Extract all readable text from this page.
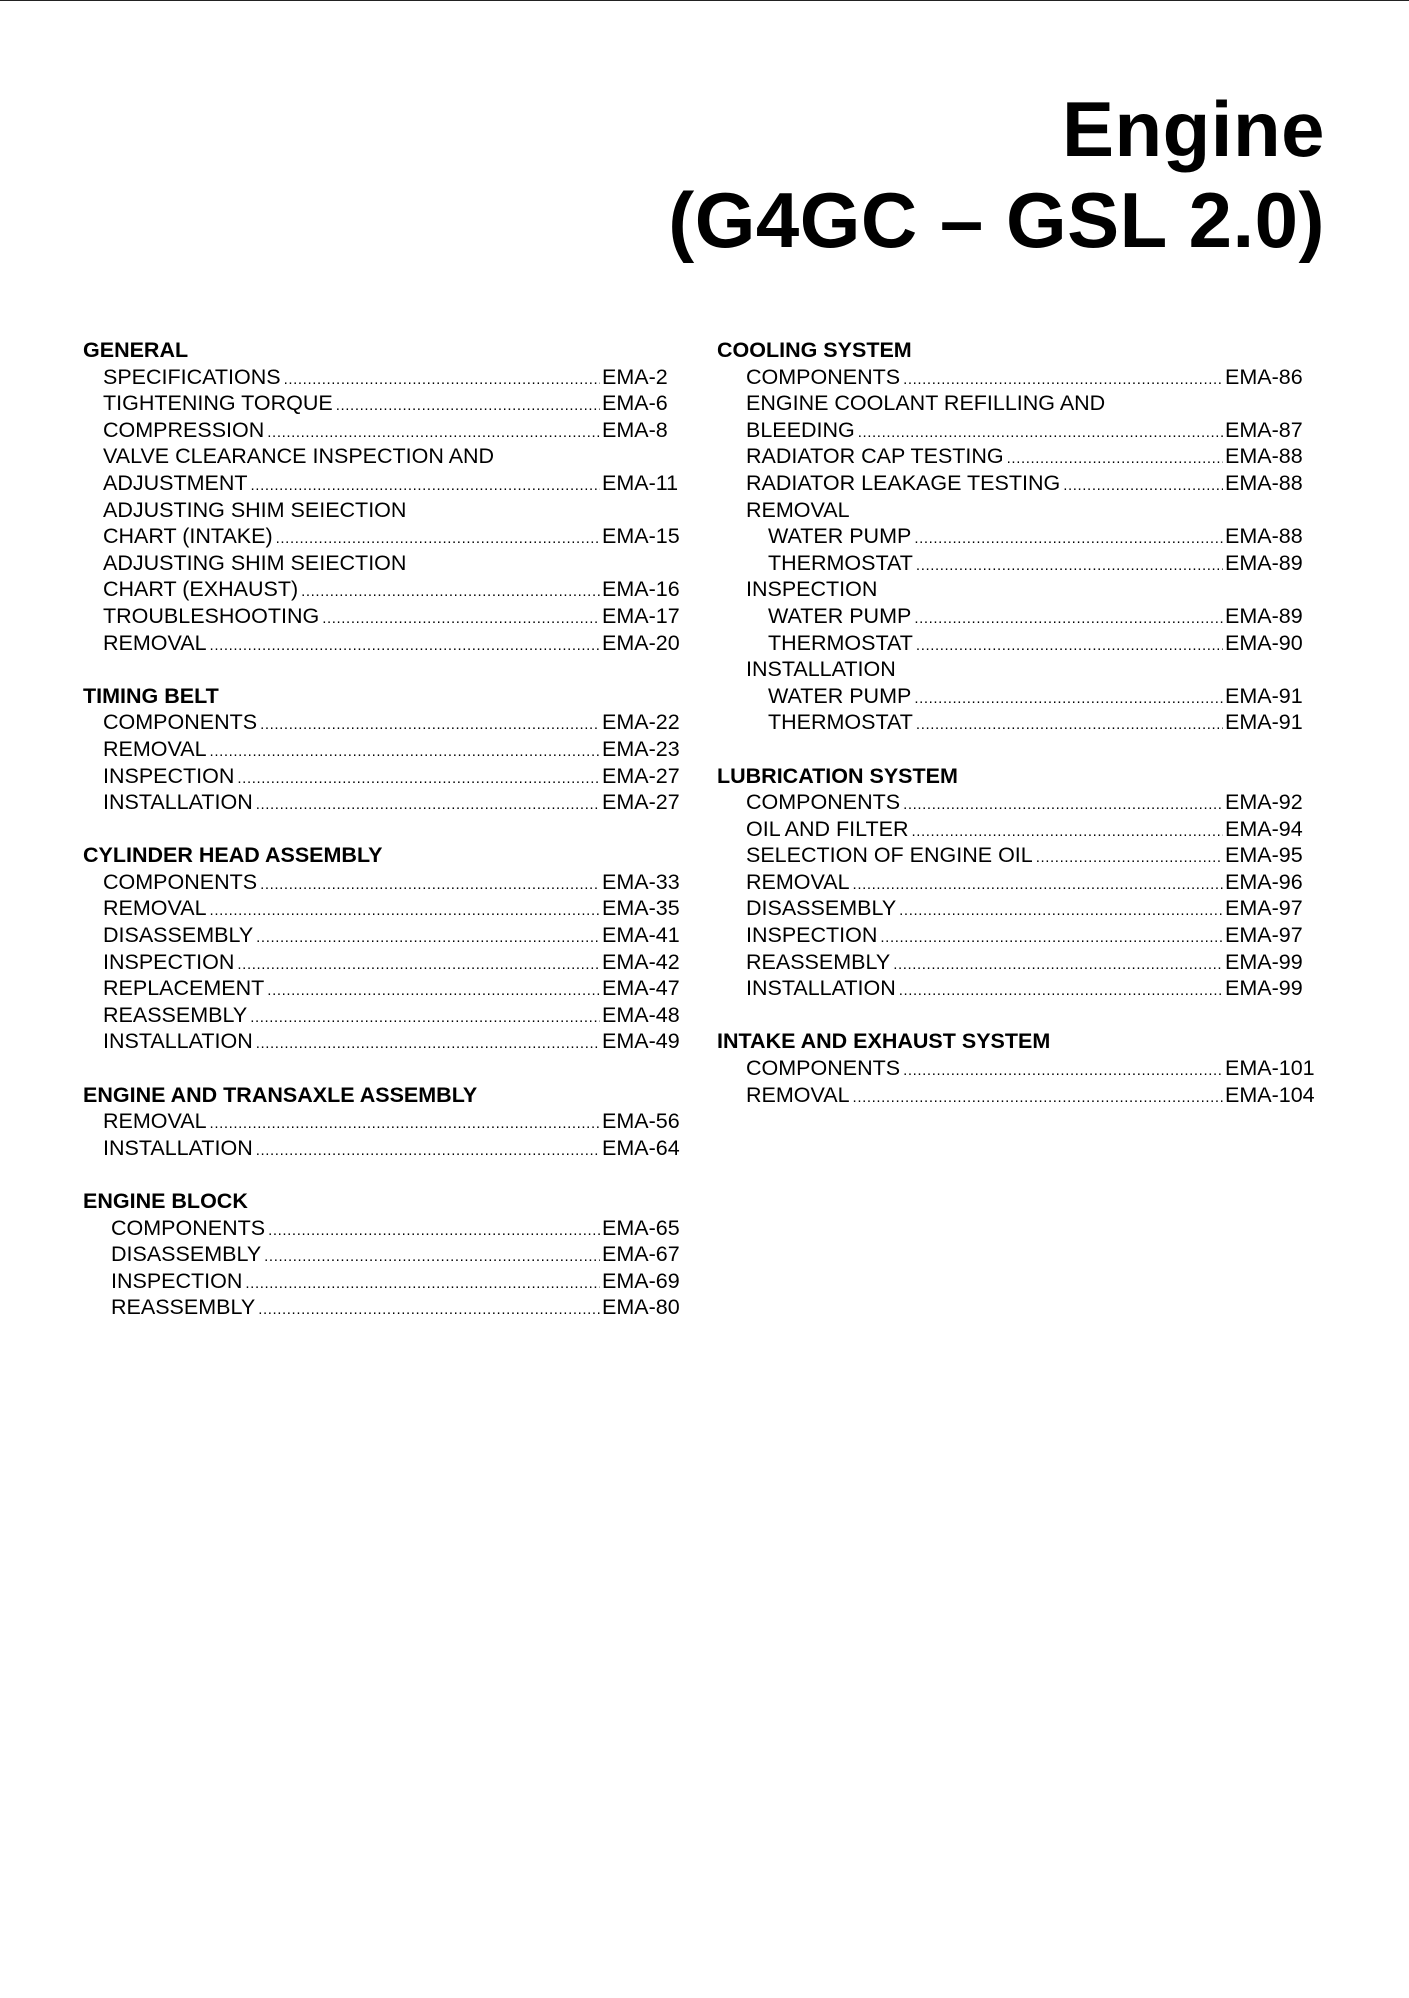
Engine
(G4GC – GSL 2.0)
GENERAL
SPECIFICATIONS .....	EMA-2
TIGHTENING TORQUE .....	EMA-6
COMPRESSION .....	EMA-8
VALVE CLEARANCE INSPECTION AND
ADJUSTMENT .....	EMA-11
ADJUSTING SHIM SEIECTION
CHART (INTAKE) .....	EMA-15
ADJUSTING SHIM SEIECTION
CHART (EXHAUST) .....	EMA-16
TROUBLESHOOTING .....	EMA-17
REMOVAL .....	EMA-20
TIMING BELT
COMPONENTS .....	EMA-22
REMOVAL .....	EMA-23
INSPECTION .....	EMA-27
INSTALLATION .....	EMA-27
CYLINDER HEAD ASSEMBLY
COMPONENTS .....	EMA-33
REMOVAL .....	EMA-35
DISASSEMBLY .....	EMA-41
INSPECTION .....	EMA-42
REPLACEMENT .....	EMA-47
REASSEMBLY .....	EMA-48
INSTALLATION .....	EMA-49
ENGINE AND TRANSAXLE ASSEMBLY
REMOVAL .....	EMA-56
INSTALLATION .....	EMA-64
ENGINE BLOCK
COMPONENTS .....	EMA-65
DISASSEMBLY .....	EMA-67
INSPECTION .....	EMA-69
REASSEMBLY .....	EMA-80
COOLING SYSTEM
COMPONENTS .....	EMA-86
ENGINE COOLANT REFILLING AND
BLEEDING .....	EMA-87
RADIATOR CAP TESTING .....	EMA-88
RADIATOR LEAKAGE TESTING .....	EMA-88
REMOVAL
WATER PUMP .....	EMA-88
THERMOSTAT .....	EMA-89
INSPECTION
WATER PUMP .....	EMA-89
THERMOSTAT .....	EMA-90
INSTALLATION
WATER PUMP .....	EMA-91
THERMOSTAT .....	EMA-91
LUBRICATION SYSTEM
COMPONENTS .....	EMA-92
OIL AND FILTER .....	EMA-94
SELECTION OF ENGINE OIL .....	EMA-95
REMOVAL .....	EMA-96
DISASSEMBLY .....	EMA-97
INSPECTION .....	EMA-97
REASSEMBLY .....	EMA-99
INSTALLATION .....	EMA-99
INTAKE AND EXHAUST SYSTEM
COMPONENTS .....	EMA-101
REMOVAL .....	EMA-104
